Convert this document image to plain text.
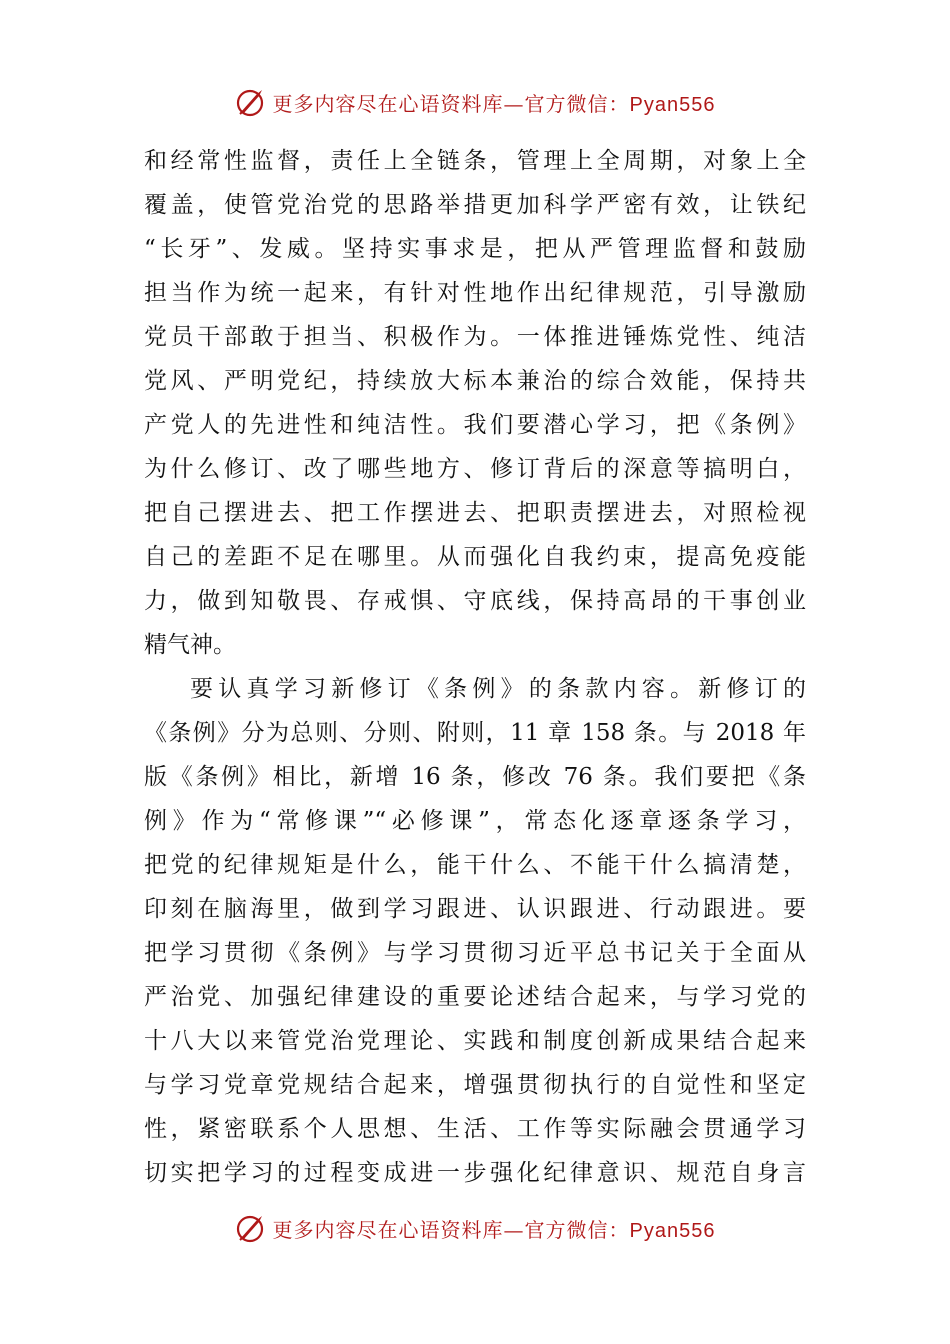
更多内容尽在心语资料库—官方微信：Pyan556
和经常性监督，责任上全链条，管理上全周期，对象上全
覆盖，使管党治党的思路举措更加科学严密有效，让铁纪
“长牙”、发威。坚持实事求是，把从严管理监督和鼓励
担当作为统一起来，有针对性地作出纪律规范，引导激励
党员干部敢于担当、积极作为。一体推进锤炼党性、纯洁
党风、严明党纪，持续放大标本兼治的综合效能，保持共
产党人的先进性和纯洁性。我们要潜心学习，把《条例》
为什么修订、改了哪些地方、修订背后的深意等搞明白，
把自己摆进去、把工作摆进去、把职责摆进去，对照检视
自己的差距不足在哪里。从而强化自我约束，提高免疫能
力，做到知敬畏、存戒惧、守底线，保持高昂的干事创业
精气神。
要认真学习新修订《条例》的条款内容。新修订的
《条例》分为总则、分则、附则，11 章 158 条。与 2018 年
版《条例》相比，新增 16 条，修改 76 条。我们要把《条
例》作为“常修课”“必修课”，常态化逐章逐条学习，
把党的纪律规矩是什么，能干什么、不能干什么搞清楚，
印刻在脑海里，做到学习跟进、认识跟进、行动跟进。要
把学习贯彻《条例》与学习贯彻习近平总书记关于全面从
严治党、加强纪律建设的重要论述结合起来，与学习党的
十八大以来管党治党理论、实践和制度创新成果结合起来
与学习党章党规结合起来，增强贯彻执行的自觉性和坚定
性，紧密联系个人思想、生活、工作等实际融会贯通学习
切实把学习的过程变成进一步强化纪律意识、规范自身言
更多内容尽在心语资料库—官方微信：Pyan556
